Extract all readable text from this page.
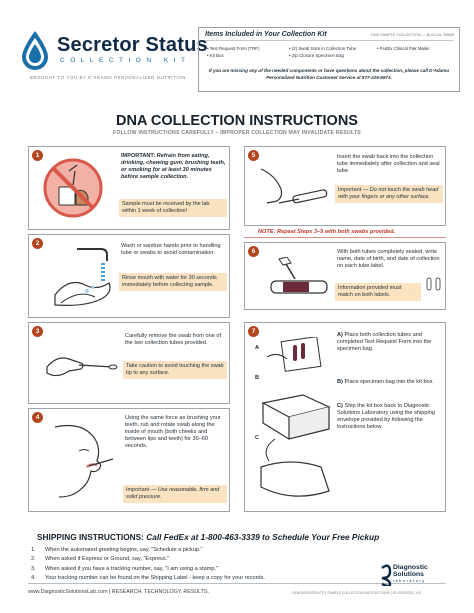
Secretor Status
COLLECTION KIT
BROUGHT TO YOU BY D'ADAMO PERSONALIZED NUTRITION
Items Included in Your Collection Kit	DNA SAMPLE COLLECTION — BUCCAL SWAB
• Test Request Form (TRF)
• Kit Box
• (2) Swab Stick in Collection Tube
• Zip Closure Specimen Bag
• FedEx Clinical Pak Mailer
If you are missing any of the needed components or have questions about the collection, please call D'Adamo Personalized Nutrition Customer Service at 877-226-8973.
DNA COLLECTION INSTRUCTIONS
FOLLOW INSTRUCTIONS CAREFULLY – IMPROPER COLLECTION MAY INVALIDATE RESULTS
1	IMPORTANT: Refrain from eating, drinking, chewing gum, brushing teeth, or smoking for at least 30 minutes before sample collection.
Sample must be received by the lab within 1 week of collection!
2	Wash or sanitize hands prior to handling tube or swabs to avoid contamination.
Rinse mouth with water for 30 seconds immediately before collecting sample.
3
Carefully remove the swab from one of the two collection tubes provided.
Take caution to avoid touching the swab tip to any surface.
4	Using the same force as brushing your teeth, rub and rotate swab along the inside of mouth (both cheeks and between lips and teeth) for 30–60 seconds.
Important — Use reasonable, firm and solid pressure.
5	Insert the swab back into the collection tube immediately after collection and seal tube.
Important — Do not touch the swab head with your fingers or any other surface.
NOTE: Repeat Steps 3–5 with both swabs provided.
6	With both tubes completely sealed, write name, date of birth, and date of collection on each tube label.
Information provided must match on both labels.
7
A
B
C
A) Place both collection tubes and completed Test Request Form into the specimen bag.
B) Place specimen bag into the kit box.
C) Ship the kit box back to Diagnostic Solutions Laboratory using the shipping envelope provided by following the instructions below.
SHIPPING INSTRUCTIONS: Call FedEx at 1-800-463-3339 to Schedule Your Free Pickup
1. When the automated greeting begins, say, "Schedule a pickup."
2. When asked if Express or Ground, say, "Express."
3. When asked if you have a tracking number, say, "I am using a stamp."
4. Your tracking number can be found on the Shipping Label - keep a copy for your records.
www.DiagnosticSolutionsLab.com | RESEARCH. TECHNOLOGY. RESULTS.	GENOMICINSIGHT® | SAMPLE COLLECTION INSTRUCTIONS | R1-05262020 | US
Diagnostic
Solutions
laboratory
